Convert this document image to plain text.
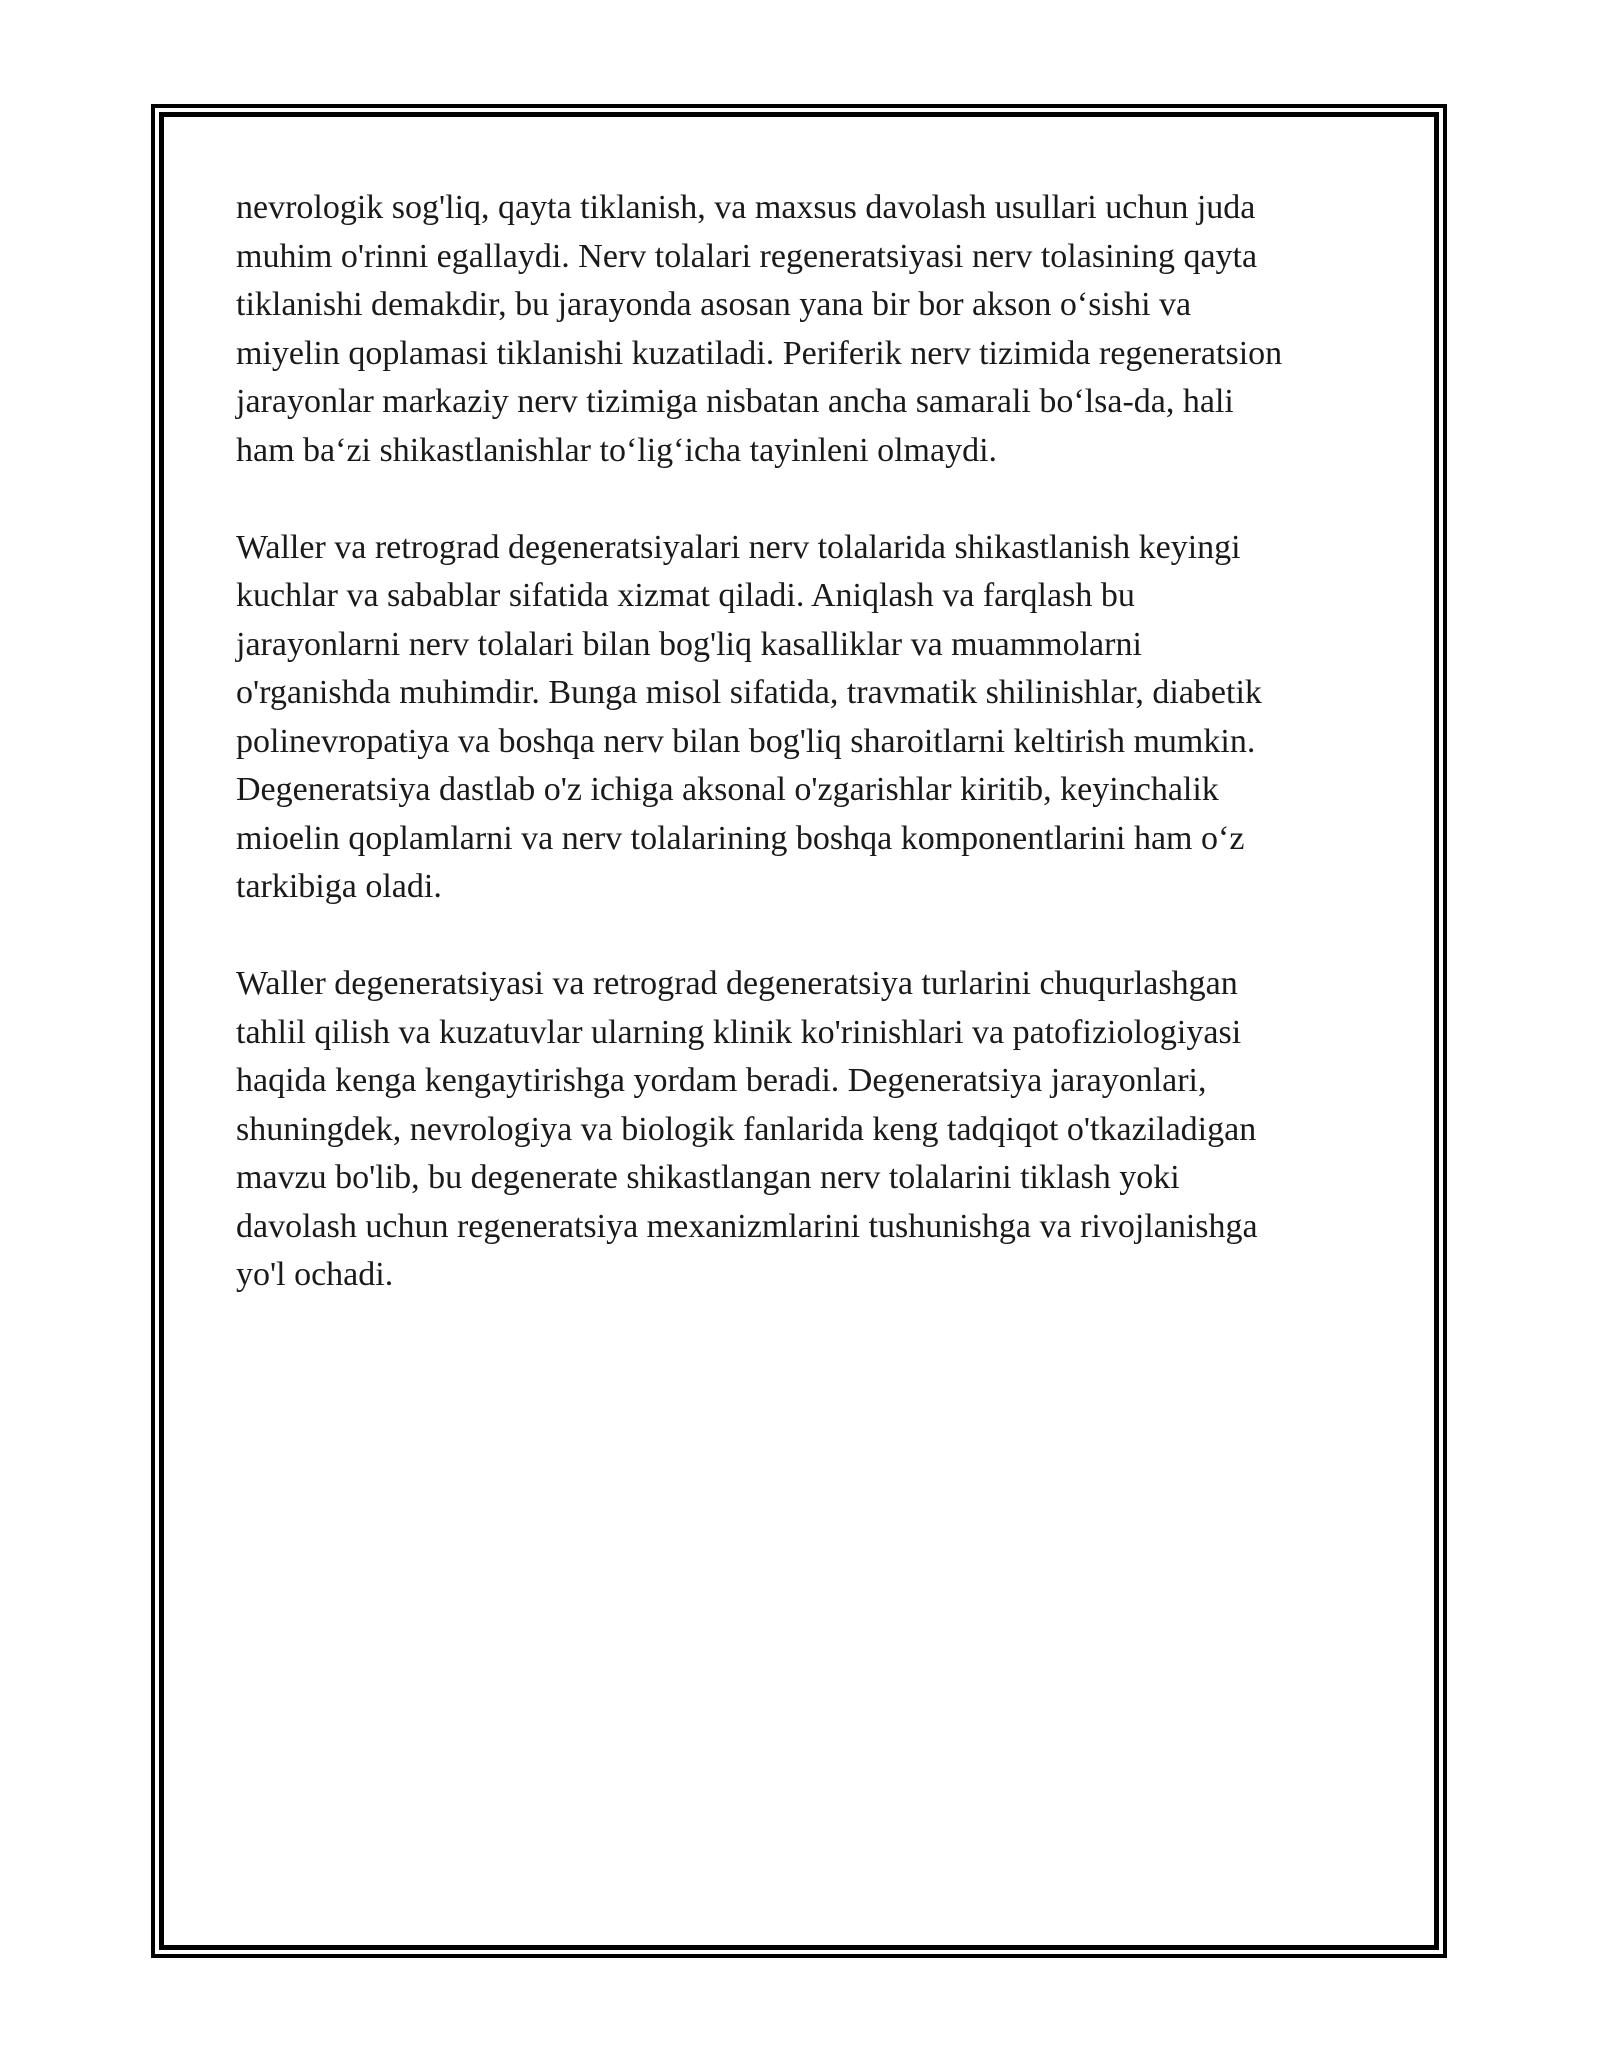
nevrologik sog'liq, qayta tiklanish, va maxsus davolash usullari uchun juda
muhim o'rinni egallaydi. Nerv tolalari regeneratsiyasi nerv tolasining qayta
tiklanishi demakdir, bu jarayonda asosan yana bir bor akson o‘sishi va
miyelin qoplamasi tiklanishi kuzatiladi. Periferik nerv tizimida regeneratsion
jarayonlar markaziy nerv tizimiga nisbatan ancha samarali bo‘lsa-da, hali
ham ba‘zi shikastlanishlar to‘lig‘icha tayinleni olmaydi.

Waller va retrograd degeneratsiyalari nerv tolalarida shikastlanish keyingi
kuchlar va sabablar sifatida xizmat qiladi. Aniqlash va farqlash bu
jarayonlarni nerv tolalari bilan bog'liq kasalliklar va muammolarni
o'rganishda muhimdir. Bunga misol sifatida, travmatik shilinishlar, diabetik
polinevropatiya va boshqa nerv bilan bog'liq sharoitlarni keltirish mumkin.
Degeneratsiya dastlab o'z ichiga aksonal o'zgarishlar kiritib, keyinchalik
mioelin qoplamlarni va nerv tolalarining boshqa komponentlarini ham o‘z
tarkibiga oladi.

Waller degeneratsiyasi va retrograd degeneratsiya turlarini chuqurlashgan
tahlil qilish va kuzatuvlar ularning klinik ko'rinishlari va patofiziologiyasi
haqida kenga kengaytirishga yordam beradi. Degeneratsiya jarayonlari,
shuningdek, nevrologiya va biologik fanlarida keng tadqiqot o'tkaziladigan
mavzu bo'lib, bu degenerate shikastlangan nerv tolalarini tiklash yoki
davolash uchun regeneratsiya mexanizmlarini tushunishga va rivojlanishga
yo'l ochadi.
